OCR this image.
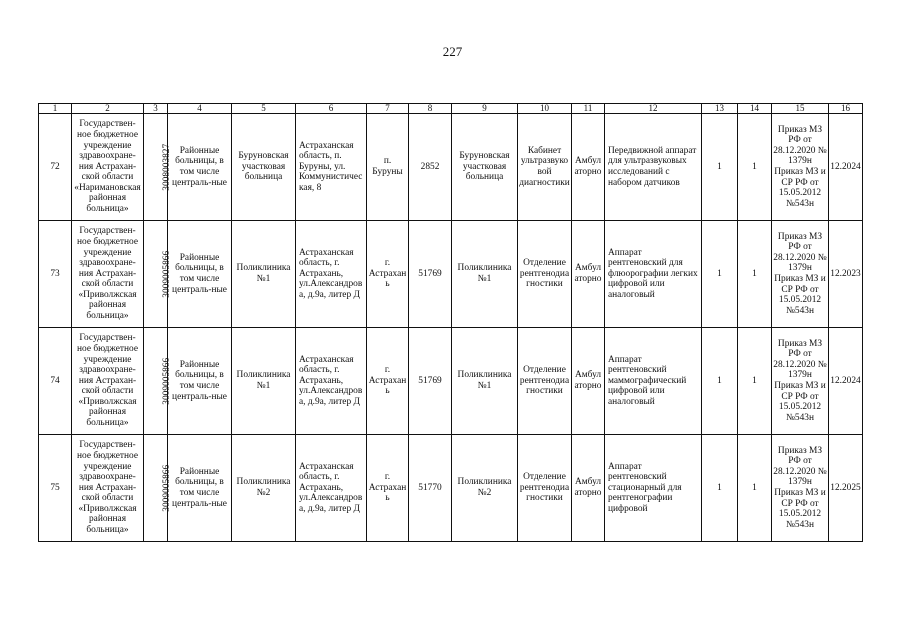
227
1	2	3	4	5	6	7	8	9	10	11	12	13	14	15	16
72	Государствен-ное бюджетное учреждение здравоохране-ния Астрахан-ской области «Наримановская районная больница»	3008003827	Районные больницы, в том числе централь-ные	Буруновская участковая больница	Астраханская область, п. Буруны, ул. Коммунистическая, 8	п. Буруны	2852	Буруновская участковая больница	Кабинет ультразвуковой диагностики	Амбулаторно	Передвижной аппарат для ультразвуковых исследований с набором датчиков	1	1	Приказ МЗ РФ от 28.12.2020 № 1379н Приказ МЗ и СР РФ от 15.05.2012 №543н	12.2024
73	Государствен-ное бюджетное учреждение здравоохране-ния Астрахан-ской области «Приволжская районная больница»	3009005866	Районные больницы, в том числе централь-ные	Поликлиника №1	Астраханская область, г. Астрахань, ул.Александрова, д.9а, литер Д	г. Астрахань	51769	Поликлиника №1	Отделение рентгенодиагностики	Амбулаторно	Аппарат рентгеновский для флюорографии легких цифровой или аналоговый	1	1	Приказ МЗ РФ от 28.12.2020 № 1379н Приказ МЗ и СР РФ от 15.05.2012 №543н	12.2023
74	Государствен-ное бюджетное учреждение здравоохране-ния Астрахан-ской области «Приволжская районная больница»	3009005866	Районные больницы, в том числе централь-ные	Поликлиника №1	Астраханская область, г. Астрахань, ул.Александрова, д.9а, литер Д	г. Астрахань	51769	Поликлиника №1	Отделение рентгенодиагностики	Амбулаторно	Аппарат рентгеновский маммографический цифровой или аналоговый	1	1	Приказ МЗ РФ от 28.12.2020 № 1379н Приказ МЗ и СР РФ от 15.05.2012 №543н	12.2024
75	Государствен-ное бюджетное учреждение здравоохране-ния Астрахан-ской области «Приволжская районная больница»	3009005866	Районные больницы, в том числе централь-ные	Поликлиника №2	Астраханская область, г. Астрахань, ул.Александрова, д.9а, литер Д	г. Астрахань	51770	Поликлиника №2	Отделение рентгенодиагностики	Амбулаторно	Аппарат рентгеновский стационарный для рентгенографии цифровой	1	1	Приказ МЗ РФ от 28.12.2020 № 1379н Приказ МЗ и СР РФ от 15.05.2012 №543н	12.2025
